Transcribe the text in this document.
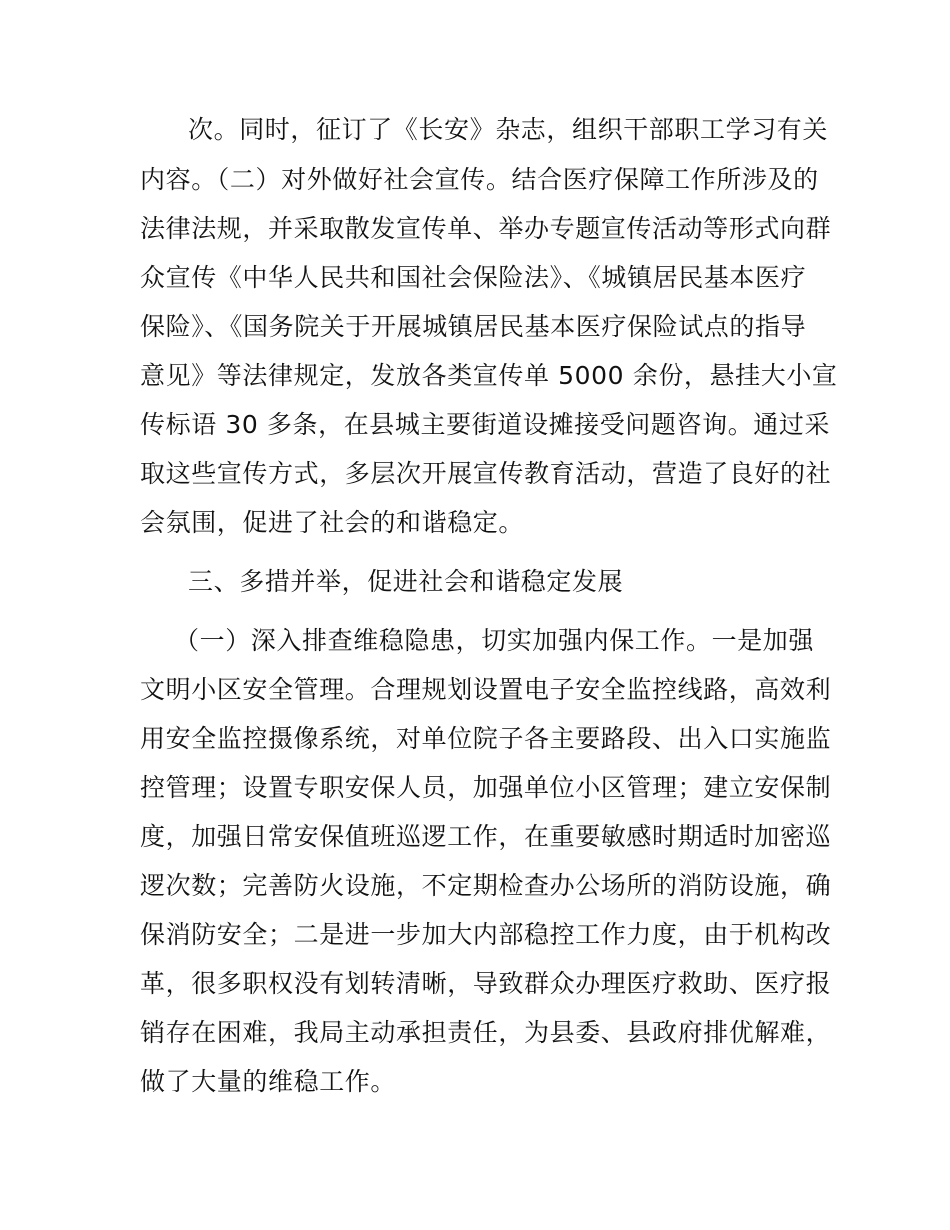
次。同时，征订了《长安》杂志，组织干部职工学习有关
内容。（二）对外做好社会宣传。结合医疗保障工作所涉及的
法律法规，并采取散发宣传单、举办专题宣传活动等形式向群
众宣传《中华人民共和国社会保险法》、《城镇居民基本医疗
保险》、《国务院关于开展城镇居民基本医疗保险试点的指导
意见》等法律规定，发放各类宣传单 5000 余份，悬挂大小宣
传标语 30 多条，在县城主要街道设摊接受问题咨询。通过采
取这些宣传方式，多层次开展宣传教育活动，营造了良好的社
会氛围，促进了社会的和谐稳定。
三、多措并举，促进社会和谐稳定发展
（一）深入排查维稳隐患，切实加强内保工作。一是加强
文明小区安全管理。合理规划设置电子安全监控线路，高效利
用安全监控摄像系统，对单位院子各主要路段、出入口实施监
控管理；设置专职安保人员，加强单位小区管理；建立安保制
度，加强日常安保值班巡逻工作，在重要敏感时期适时加密巡
逻次数；完善防火设施，不定期检查办公场所的消防设施，确
保消防安全；二是进一步加大内部稳控工作力度，由于机构改
革，很多职权没有划转清晰，导致群众办理医疗救助、医疗报
销存在困难，我局主动承担责任，为县委、县政府排优解难，
做了大量的维稳工作。
